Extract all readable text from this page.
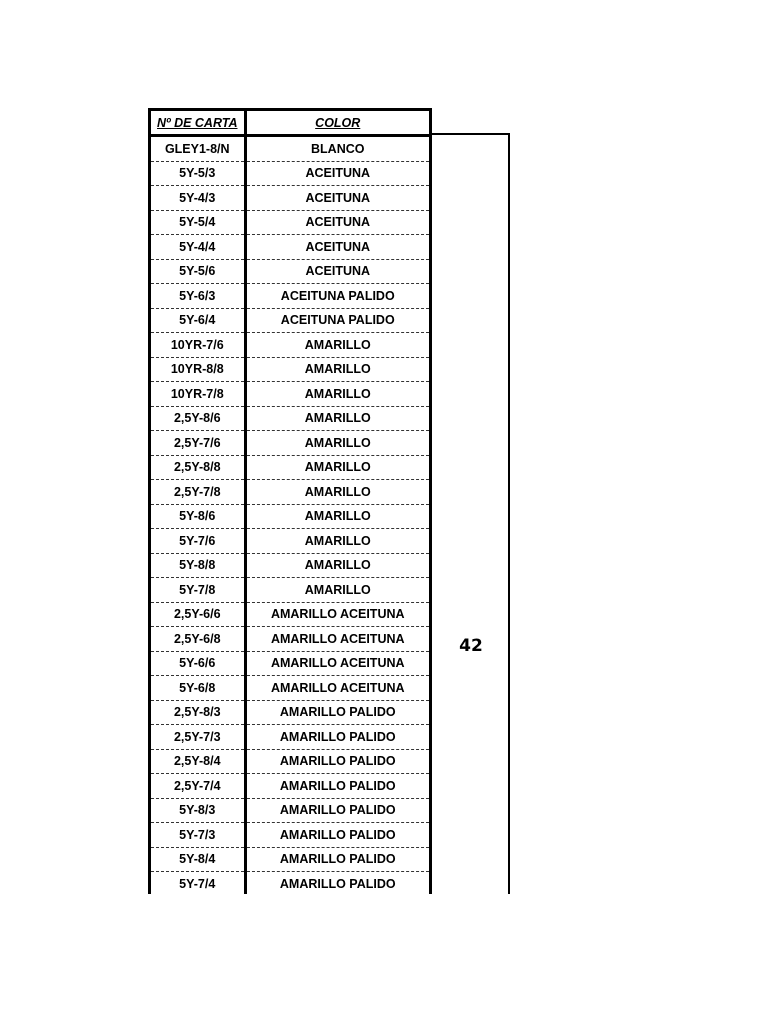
Nº DE CARTA	COLOR
GLEY1-8/N	BLANCO
5Y-5/3	ACEITUNA
5Y-4/3	ACEITUNA
5Y-5/4	ACEITUNA
5Y-4/4	ACEITUNA
5Y-5/6	ACEITUNA
5Y-6/3	ACEITUNA PALIDO
5Y-6/4	ACEITUNA PALIDO
10YR-7/6	AMARILLO
10YR-8/8	AMARILLO
10YR-7/8	AMARILLO
2,5Y-8/6	AMARILLO
2,5Y-7/6	AMARILLO
2,5Y-8/8	AMARILLO
2,5Y-7/8	AMARILLO
5Y-8/6	AMARILLO
5Y-7/6	AMARILLO
5Y-8/8	AMARILLO
5Y-7/8	AMARILLO
2,5Y-6/6	AMARILLO ACEITUNA
2,5Y-6/8	AMARILLO ACEITUNA
5Y-6/6	AMARILLO ACEITUNA
5Y-6/8	AMARILLO ACEITUNA
2,5Y-8/3	AMARILLO PALIDO
2,5Y-7/3	AMARILLO PALIDO
2,5Y-8/4	AMARILLO PALIDO
2,5Y-7/4	AMARILLO PALIDO
5Y-8/3	AMARILLO PALIDO
5Y-7/3	AMARILLO PALIDO
5Y-8/4	AMARILLO PALIDO
5Y-7/4	AMARILLO PALIDO
42
